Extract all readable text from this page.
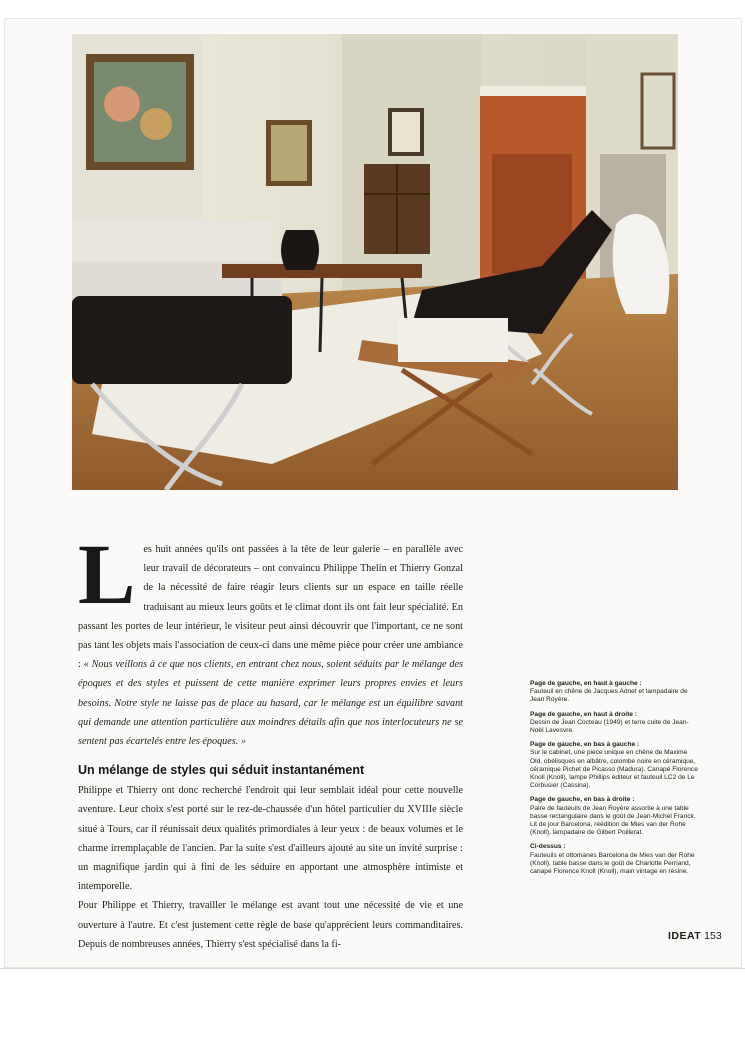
L es huit années qu'ils ont passées à la tête de leur galerie – en parallèle avec leur travail de décorateurs – ont convaincu Philippe Thelin et Thierry Gonzal de la nécessité de faire réagir leurs clients sur un espace en taille réelle traduisant au mieux leurs goûts et le climat dont ils ont fait leur spécialité. En passant les portes de leur intérieur, le visiteur peut ainsi découvrir que l'important, ce ne sont pas tant les objets mais l'association de ceux-ci dans une même pièce pour créer une ambiance : « Nous veillons à ce que nos clients, en entrant chez nous, soient séduits par le mélange des époques et des styles et puissent de cette manière exprimer leurs propres envies et leurs besoins. Notre style ne laisse pas de place au hasard, car le mélange est un équilibre savant qui demande une attention particulière aux moindres détails afin que nos interlocuteurs ne se sentent pas écartelés entre les époques. »

Un mélange de styles qui séduit instantanément

Philippe et Thierry ont donc recherché l'endroit qui leur semblait idéal pour cette nouvelle aventure. Leur choix s'est porté sur le rez-de-chaussée d'un hôtel particulier du XVIIIe siècle situé à Tours, car il réunissait deux qualités primordiales à leur yeux : de beaux volumes et le charme irremplaçable de l'ancien. Par la suite s'est d'ailleurs ajouté au site un invité surprise : un magnifique jardin qui à fini de les séduire en apportant une atmosphère intimiste et intemporelle.

Pour Philippe et Thierry, travailler le mélange est avant tout une nécessité de vie et une ouverture à l'autre. Et c'est justement cette règle de base qu'apprécient leurs commanditaires. Depuis de nombreuses années, Thierry s'est spécialisé dans la fi-

Page de gauche, en haut à gauche :
Fauteuil en chêne de Jacques Adnet et lampadaire de Jean Royère.
Page de gauche, en haut à droite :
Dessin de Jean Cocteau (1949) et terre cuite de Jean-Noël Lavesvre.
Page de gauche, en bas à gauche :
Sur le cabinet, une pièce unique en chêne de Maxime Old, obélisques en albâtre, colombe noire en céramique, céramique Pichet de Picasso (Madura). Canapé Florence Knoll (Knoll), lampe Phillips éditeur et fauteuil LC2 de Le Corbusier (Cassina).
Page de gauche, en bas à droite :
Paire de fauteuils de Jean Royère assortie à une table basse rectangulaire dans le goût de Jean-Michel Franck. Lit de jour Barcelona, réédition de Mies van der Rohe (Knoll), lampadaire de Gilbert Poillerat.
Ci-dessus :
Fauteuils et ottomanes Barcelona de Mies van der Rohe (Knoll), table basse dans le goût de Charlotte Perriand, canapé Florence Knoll (Knoll), main vintage en résine.
IDEAT 153
